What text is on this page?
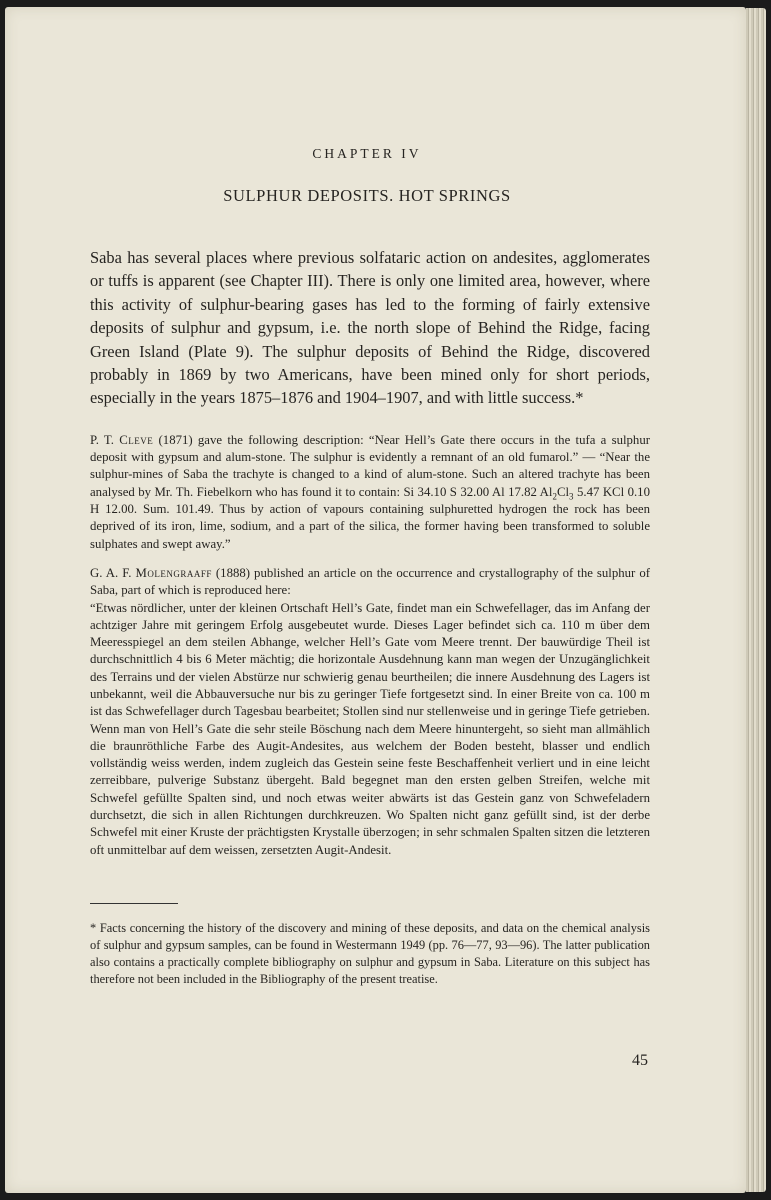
CHAPTER IV

SULPHUR DEPOSITS. HOT SPRINGS

Saba has several places where previous solfataric action on andesites, agglomerates or tuffs is apparent (see Chapter III). There is only one limited area, however, where this activity of sulphur-bearing gases has led to the forming of fairly extensive deposits of sulphur and gypsum, i.e. the north slope of Behind the Ridge, facing Green Island (Plate 9). The sulphur deposits of Behind the Ridge, discovered probably in 1869 by two Americans, have been mined only for short periods, especially in the years 1875–1876 and 1904–1907, and with little success.*

P. T. Cleve (1871) gave the following description: “Near Hell’s Gate there occurs in the tufa a sulphur deposit with gypsum and alum-stone. The sulphur is evidently a remnant of an old fumarol.” — “Near the sulphur-mines of Saba the trachyte is changed to a kind of alum-stone. Such an altered trachyte has been analysed by Mr. Th. Fiebelkorn who has found it to contain: Si 34.10 S 32.00 Al 17.82 $Al_2Cl_3$ 5.47 KCl 0.10 H 12.00. Sum. 101.49. Thus by action of vapours containing sulphuretted hydrogen the rock has been deprived of its iron, lime, sodium, and a part of the silica, the former having been transformed to soluble sulphates and swept away.”

G. A. F. Molengraaff (1888) published an article on the occurrence and crystallography of the sulphur of Saba, part of which is reproduced here:

“Etwas nördlicher, unter der kleinen Ortschaft Hell’s Gate, findet man ein Schwefellager, das im Anfang der achtziger Jahre mit geringem Erfolg ausgebeutet wurde. Dieses Lager befindet sich ca. 110 m über dem Meeresspiegel an dem steilen Abhange, welcher Hell’s Gate vom Meere trennt. Der bauwürdige Theil ist durchschnittlich 4 bis 6 Meter mächtig; die horizontale Ausdehnung kann man wegen der Unzugänglichkeit des Terrains und der vielen Abstürze nur schwierig genau beurtheilen; die innere Ausdehnung des Lagers ist unbekannt, weil die Abbauversuche nur bis zu geringer Tiefe fortgesetzt sind. In einer Breite von ca. 100 m ist das Schwefellager durch Tagesbau bearbeitet; Stollen sind nur stellenweise und in geringe Tiefe getrieben.

Wenn man von Hell’s Gate die sehr steile Böschung nach dem Meere hinuntergeht, so sieht man allmählich die braunröthliche Farbe des Augit-Andesites, aus welchem der Boden besteht, blasser und endlich vollständig weiss werden, indem zugleich das Gestein seine feste Beschaffenheit verliert und in eine leicht zerreibbare, pulverige Substanz übergeht. Bald begegnet man den ersten gelben Streifen, welche mit Schwefel gefüllte Spalten sind, und noch etwas weiter abwärts ist das Gestein ganz von Schwefeladern durchsetzt, die sich in allen Richtungen durchkreuzen. Wo Spalten nicht ganz gefüllt sind, ist der derbe Schwefel mit einer Kruste der prächtigsten Krystalle überzogen; in sehr schmalen Spalten sitzen die letzteren oft unmittelbar auf dem weissen, zersetzten Augit-Andesit.

* Facts concerning the history of the discovery and mining of these deposits, and data on the chemical analysis of sulphur and gypsum samples, can be found in Westermann 1949 (pp. 76—77, 93—96). The latter publication also contains a practically complete bibliography on sulphur and gypsum in Saba. Literature on this subject has therefore not been included in the Bibliography of the present treatise.

45
